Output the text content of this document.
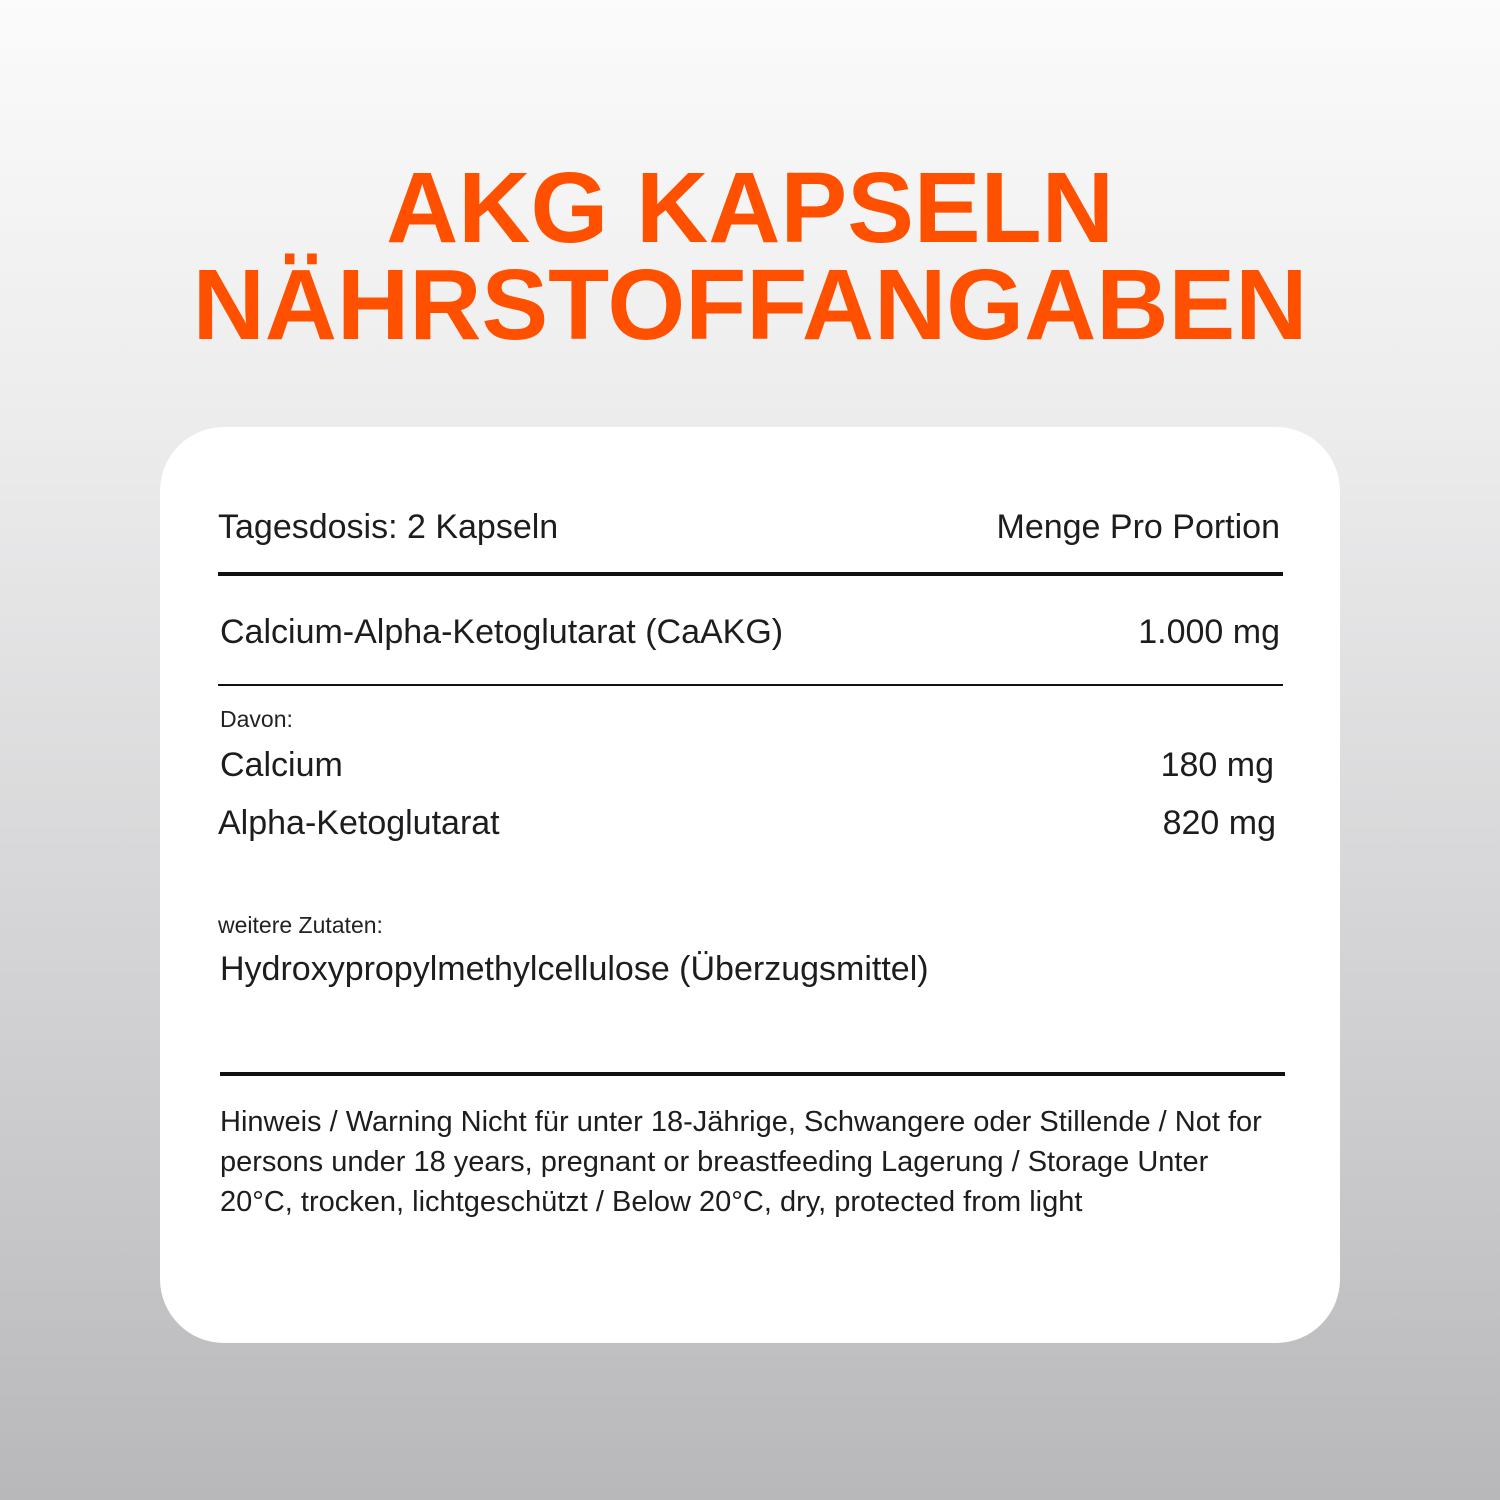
AKG KAPSELN
NÄHRSTOFFANGABEN
Tagesdosis: 2 Kapseln	Menge Pro Portion
Calcium-Alpha-Ketoglutarat (CaAKG)	1.000 mg
Davon:
Calcium	180 mg
Alpha-Ketoglutarat	820 mg
weitere Zutaten:
Hydroxypropylmethylcellulose (Überzugsmittel)
Hinweis / Warning Nicht für unter 18-Jährige, Schwangere oder Stillende / Not for persons under 18 years, pregnant or breastfeeding Lagerung / Storage Unter 20°C, trocken, lichtgeschützt / Below 20°C, dry, protected from light
